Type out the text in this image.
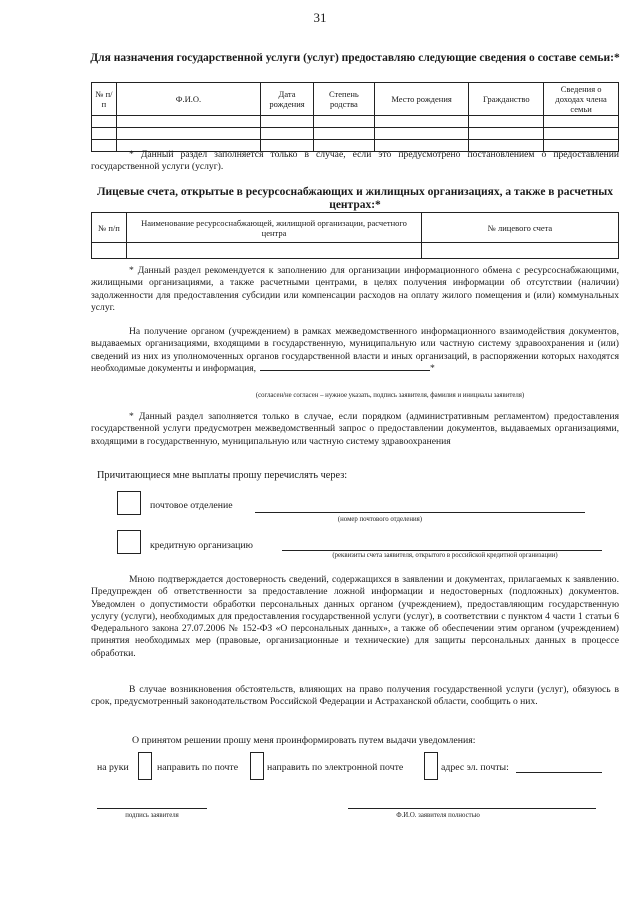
31
Для назначения государственной услуги (услуг) предоставляю следующие сведения о составе семьи:*
№ п/п	Ф.И.О.	Дата рождения	Степень родства	Место рождения	Гражданство	Сведения о доходах члена семьи

* Данный раздел заполняется только в случае, если это предусмотрено постановлением о предоставлении государственной услуги (услуг).
Лицевые счета, открытые в ресурсоснабжающих и жилищных организациях, а также в расчетных центрах:*
№ п/п	Наименование ресурсоснабжающей, жилищной организации, расчетного центра	№ лицевого счета

* Данный раздел рекомендуется к заполнению для организации информационного обмена с ресурсоснабжающими, жилищными организациями, а также расчетными центрами, в целях получения информации об отсутствии (наличии) задолженности для предоставления субсидии или компенсации расходов на оплату жилого помещения и (или) коммунальных услуг.
На получение органом (учреждением) в рамках межведомственного информационного взаимодействия документов, выдаваемых организациями, входящими в государственную, муниципальную или частную систему здравоохранения и (или) сведений из них из уполномоченных органов государственной власти и иных организаций, в распоряжении которых находятся необходимые документы и информация,	*
(согласен/не согласен – нужное указать, подпись заявителя, фамилия и инициалы заявителя)
* Данный раздел заполняется только в случае, если порядком (административным регламентом) предоставления государственной услуги предусмотрен межведомственный запрос о предоставлении документов, выдаваемых организациями, входящими в государственную, муниципальную или частную систему здравоохранения
Причитающиеся мне выплаты прошу перечислять через:
почтовое отделение
(номер почтового отделения)
кредитную организацию
(реквизиты счета заявителя, открытого в российской кредитной организации)
Мною подтверждается достоверность сведений, содержащихся в заявлении и документах, прилагаемых к заявлению. Предупрежден об ответственности за предоставление ложной информации и недостоверных (подложных) документов. Уведомлен о допустимости обработки персональных данных органом (учреждением), предоставляющим государственную услугу (услуги), необходимых для предоставления государственной услуги (услуг), в соответствии с пунктом 4 части 1 статьи 6 Федерального закона 27.07.2006 № 152-ФЗ «О персональных данных», а также об обеспечении этим органом (учреждением) принятия необходимых мер (правовые, организационные и технические) для защиты персональных данных в процессе обработки.
В случае возникновения обстоятельств, влияющих на право получения государственной услуги (услуг), обязуюсь в срок, предусмотренный законодательством Российской Федерации и Астраханской области, сообщить о них.
О принятом решении прошу меня проинформировать путем выдачи уведомления:
на руки	направить по почте	направить по электронной почте	адрес эл. почты:
подпись заявителя	Ф.И.О. заявителя полностью
